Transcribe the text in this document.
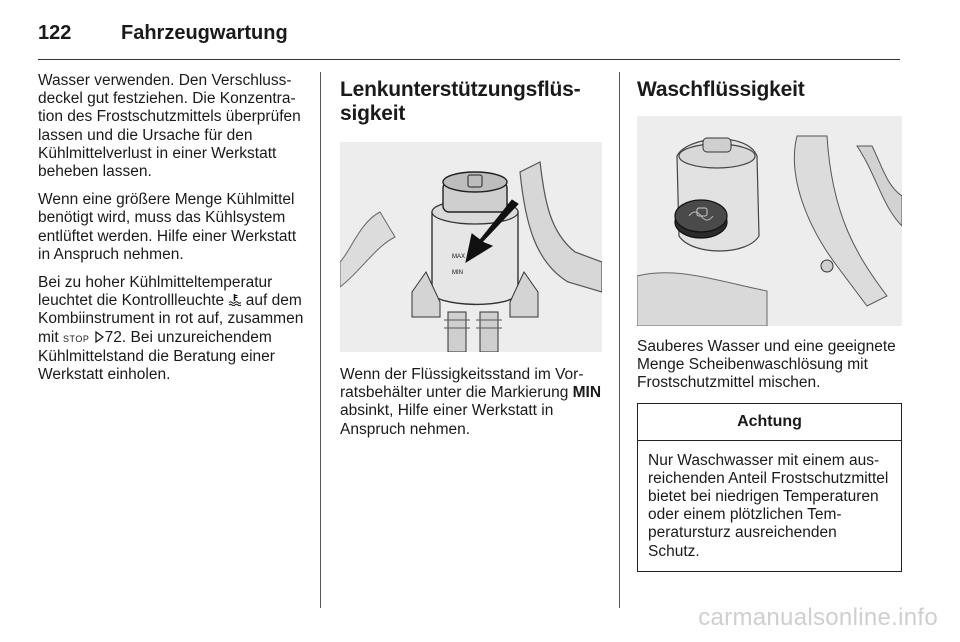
122 Fahrzeugwartung

Wasser verwenden. Den Verschlussdeckel gut festziehen. Die Konzentration des Frostschutzmittels überprüfen lassen und die Ursache für den Kühlmittelverlust in einer Werkstatt beheben lassen.

Wenn eine größere Menge Kühlmittel benötigt wird, muss das Kühlsystem entlüftet werden. Hilfe einer Werkstatt in Anspruch nehmen.

Bei zu hoher Kühlmitteltemperatur leuchtet die Kontrollleuchte auf dem Kombiinstrument in rot auf, zusammen mit STOP 72. Bei unzureichendem Kühlmittelstand die Beratung einer Werkstatt einholen.

Lenkunterstützungsflüssigkeit
MAX
MIN

Wenn der Flüssigkeitsstand im Vorratsbehälter unter die Markierung MIN absinkt, Hilfe einer Werkstatt in Anspruch nehmen.

Waschflüssigkeit

Sauberes Wasser und eine geeignete Menge Scheibenwaschlösung mit Frostschutzmittel mischen.

Achtung
Nur Waschwasser mit einem ausreichenden Anteil Frostschutzmittel bietet bei niedrigen Temperaturen oder einem plötzlichen Temperatursturz ausreichenden Schutz.
carmanualsonline.info
